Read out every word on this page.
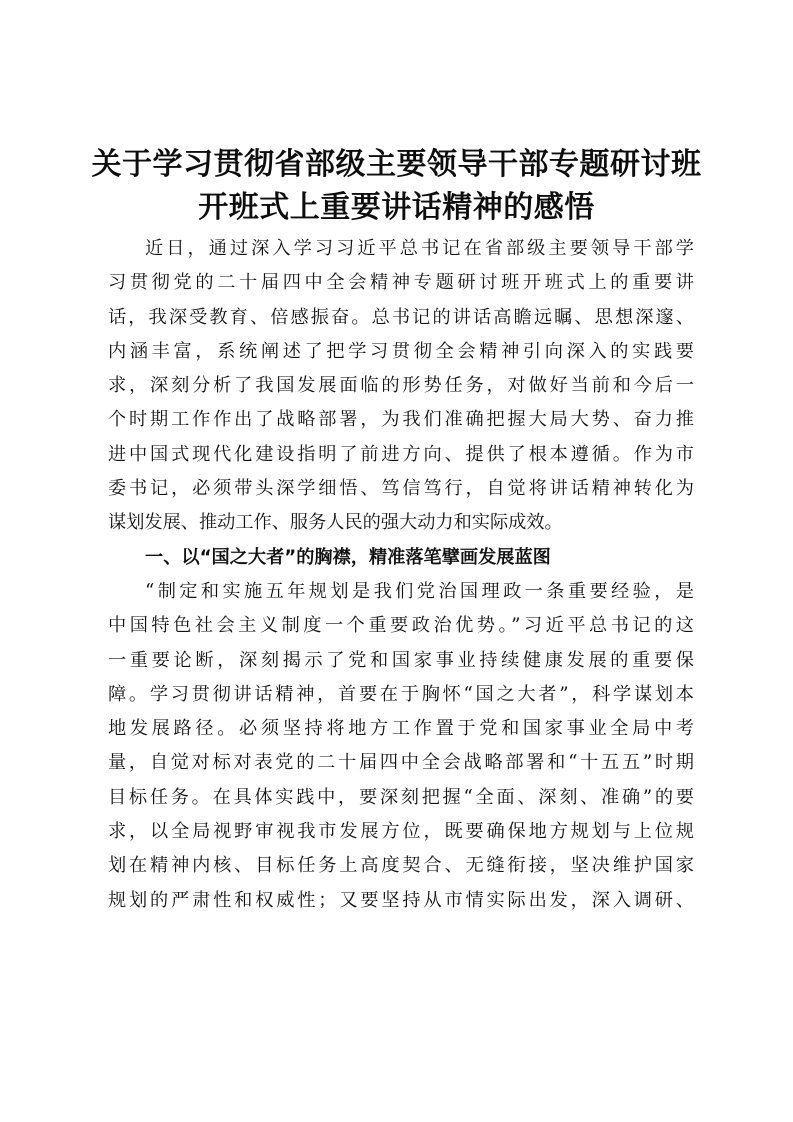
关于学习贯彻省部级主要领导干部专题研讨班
开班式上重要讲话精神的感悟
近日，通过深入学习习近平总书记在省部级主要领导干部学
习贯彻党的二十届四中全会精神专题研讨班开班式上的重要讲
话，我深受教育、倍感振奋。总书记的讲话高瞻远瞩、思想深邃、
内涵丰富，系统阐述了把学习贯彻全会精神引向深入的实践要
求，深刻分析了我国发展面临的形势任务，对做好当前和今后一
个时期工作作出了战略部署，为我们准确把握大局大势、奋力推
进中国式现代化建设指明了前进方向、提供了根本遵循。作为市
委书记，必须带头深学细悟、笃信笃行，自觉将讲话精神转化为
谋划发展、推动工作、服务人民的强大动力和实际成效。
一、以“国之大者”的胸襟，精准落笔擘画发展蓝图
“制定和实施五年规划是我们党治国理政一条重要经验，是
中国特色社会主义制度一个重要政治优势。”习近平总书记的这
一重要论断，深刻揭示了党和国家事业持续健康发展的重要保
障。学习贯彻讲话精神，首要在于胸怀“国之大者”，科学谋划本
地发展路径。必须坚持将地方工作置于党和国家事业全局中考
量，自觉对标对表党的二十届四中全会战略部署和“十五五”时期
目标任务。在具体实践中，要深刻把握“全面、深刻、准确”的要
求，以全局视野审视我市发展方位，既要确保地方规划与上位规
划在精神内核、目标任务上高度契合、无缝衔接，坚决维护国家
规划的严肃性和权威性；又要坚持从市情实际出发，深入调研、
